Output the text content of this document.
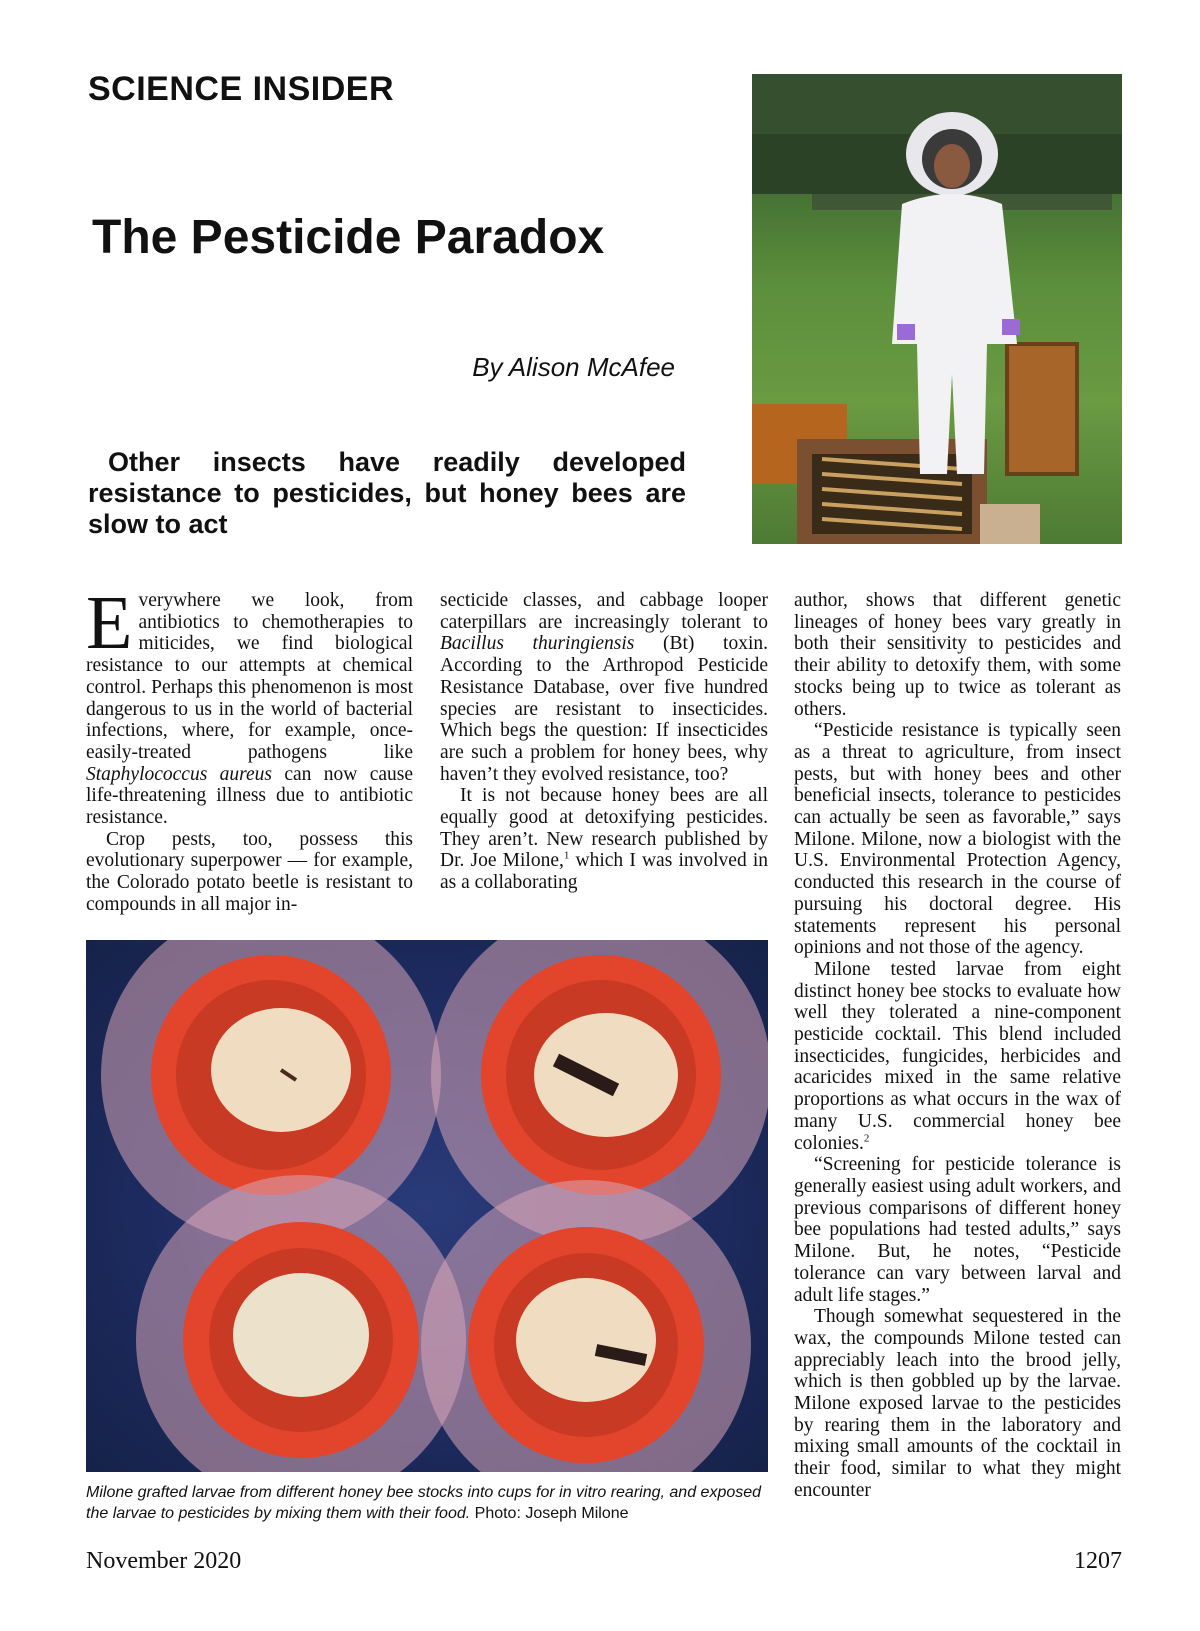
SCIENCE INSIDER
The Pesticide Paradox

By Alison McAfee

Other insects have readily developed resistance to pesticides, but honey bees are slow to act

Everywhere we look, from antibiotics to chemotherapies to miticides, we find biological resistance to our attempts at chemical control. Perhaps this phenomenon is most dangerous to us in the world of bacterial infections, where, for example, once-easily-treated pathogens like Staphylococcus aureus can now cause life-threatening illness due to antibiotic resistance.

Crop pests, too, possess this evolutionary superpower — for example, the Colorado potato beetle is resistant to compounds in all major in-

secticide classes, and cabbage looper caterpillars are increasingly tolerant to Bacillus thuringiensis (Bt) toxin. According to the Arthropod Pesticide Resistance Database, over five hundred species are resistant to insecticides. Which begs the question: If insecticides are such a problem for honey bees, why haven’t they evolved resistance, too?

It is not because honey bees are all equally good at detoxifying pesticides. They aren’t. New research published by Dr. Joe Milone,$^1$ which I was involved in as a collaborating

author, shows that different genetic lineages of honey bees vary greatly in both their sensitivity to pesticides and their ability to detoxify them, with some stocks being up to twice as tolerant as others.

“Pesticide resistance is typically seen as a threat to agriculture, from insect pests, but with honey bees and other beneficial insects, tolerance to pesticides can actually be seen as favorable,” says Milone. Milone, now a biologist with the U.S. Environmental Protection Agency, conducted this research in the course of pursuing his doctoral degree. His statements represent his personal opinions and not those of the agency.

Milone tested larvae from eight distinct honey bee stocks to evaluate how well they tolerated a nine-component pesticide cocktail. This blend included insecticides, fungicides, herbicides and acaricides mixed in the same relative proportions as what occurs in the wax of many U.S. commercial honey bee colonies.$^2$

“Screening for pesticide tolerance is generally easiest using adult workers, and previous comparisons of different honey bee populations had tested adults,” says Milone. But, he notes, “Pesticide tolerance can vary between larval and adult life stages.”

Though somewhat sequestered in the wax, the compounds Milone tested can appreciably leach into the brood jelly, which is then gobbled up by the larvae. Milone exposed larvae to the pesticides by rearing them in the laboratory and mixing small amounts of the cocktail in their food, similar to what they might encounter

Milone grafted larvae from different honey bee stocks into cups for in vitro rearing, and exposed the larvae to pesticides by mixing them with their food. Photo: Joseph Milone
November 2020	1207
